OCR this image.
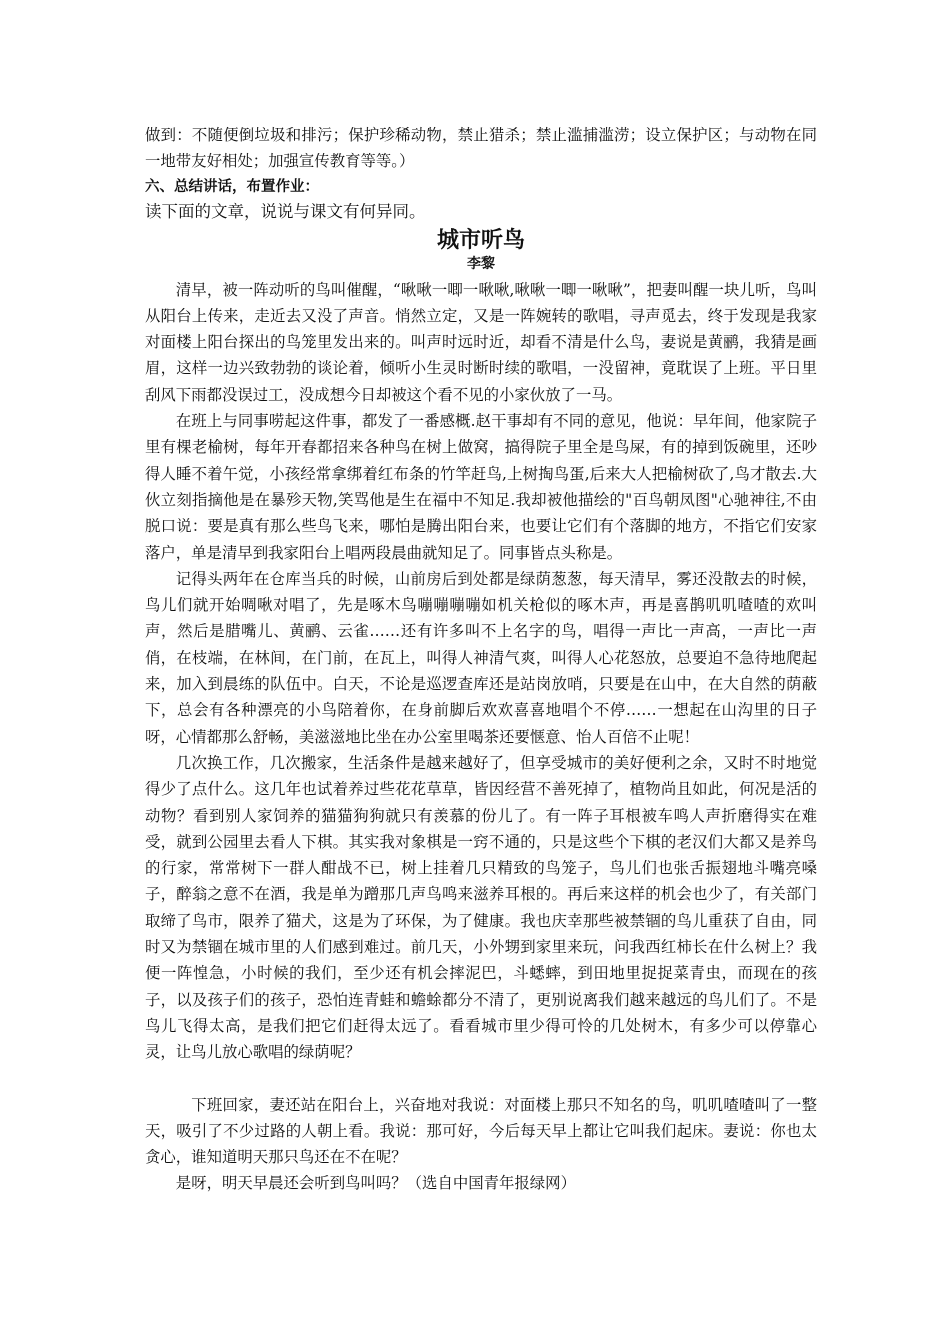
做到：不随便倒垃圾和排污；保护珍稀动物，禁止猎杀；禁止滥捕滥涝；设立保护区；与动物在同一地带友好相处；加强宣传教育等等。）

六、总结讲话，布置作业：

读下面的文章，说说与课文有何异同。

城市听鸟
李黎

清早，被一阵动听的鸟叫催醒，“啾啾一唧一啾啾,啾啾一唧一啾啾”，把妻叫醒一块儿听，鸟叫从阳台上传来，走近去又没了声音。悄然立定，又是一阵婉转的歌唱，寻声觅去，终于发现是我家对面楼上阳台探出的鸟笼里发出来的。叫声时远时近，却看不清是什么鸟，妻说是黄鹂，我猜是画眉，这样一边兴致勃勃的谈论着，倾听小生灵时断时续的歌唱，一没留神，竟耽误了上班。平日里刮风下雨都没误过工，没成想今日却被这个看不见的小家伙放了一马。

在班上与同事唠起这件事，都发了一番感概.赵干事却有不同的意见，他说：早年间，他家院子里有棵老榆树，每年开春都招来各种鸟在树上做窝，搞得院子里全是鸟屎，有的掉到饭碗里，还吵得人睡不着午觉，小孩经常拿绑着红布条的竹竿赶鸟,上树掏鸟蛋,后来大人把榆树砍了,鸟才散去.大伙立刻指摘他是在暴殄天物,笑骂他是生在福中不知足.我却被他描绘的"百鸟朝凤图"心驰神往,不由脱口说：要是真有那么些鸟飞来，哪怕是腾出阳台来，也要让它们有个落脚的地方，不指它们安家落户，单是清早到我家阳台上唱两段晨曲就知足了。同事皆点头称是。

记得头两年在仓库当兵的时候，山前房后到处都是绿荫葱葱，每天清早，雾还没散去的时候，鸟儿们就开始啁啾对唱了，先是啄木鸟嘣嘣嘣嘣如机关枪似的啄木声，再是喜鹊叽叽喳喳的欢叫声，然后是腊嘴儿、黄鹂、云雀……还有许多叫不上名字的鸟，唱得一声比一声高，一声比一声俏，在枝端，在林间，在门前，在瓦上，叫得人神清气爽，叫得人心花怒放，总要迫不急待地爬起来，加入到晨练的队伍中。白天，不论是巡逻查库还是站岗放哨，只要是在山中，在大自然的荫蔽下，总会有各种漂亮的小鸟陪着你，在身前脚后欢欢喜喜地唱个不停……一想起在山沟里的日子呀，心情都那么舒畅，美滋滋地比坐在办公室里喝茶还要惬意、怡人百倍不止呢！

几次换工作，几次搬家，生活条件是越来越好了，但享受城市的美好便利之余，又时不时地觉得少了点什么。这几年也试着养过些花花草草，皆因经营不善死掉了，植物尚且如此，何况是活的动物？看到别人家饲养的猫猫狗狗就只有羡慕的份儿了。有一阵子耳根被车鸣人声折磨得实在难受，就到公园里去看人下棋。其实我对象棋是一窍不通的，只是这些个下棋的老汉们大都又是养鸟的行家，常常树下一群人酣战不已，树上挂着几只精致的鸟笼子，鸟儿们也张舌振翅地斗嘴亮嗓子，醉翁之意不在酒，我是单为蹭那几声鸟鸣来滋养耳根的。再后来这样的机会也少了，有关部门取缔了鸟市，限养了猫犬，这是为了环保，为了健康。我也庆幸那些被禁锢的鸟儿重获了自由，同时又为禁锢在城市里的人们感到难过。前几天，小外甥到家里来玩，问我西红柿长在什么树上？我便一阵惶急，小时候的我们，至少还有机会摔泥巴，斗蟋蟀，到田地里捉捉菜青虫，而现在的孩子，以及孩子们的孩子，恐怕连青蛙和蟾蜍都分不清了，更别说离我们越来越远的鸟儿们了。不是鸟儿飞得太高，是我们把它们赶得太远了。看看城市里少得可怜的几处树木，有多少可以停靠心灵，让鸟儿放心歌唱的绿荫呢？

下班回家，妻还站在阳台上，兴奋地对我说：对面楼上那只不知名的鸟，叽叽喳喳叫了一整天，吸引了不少过路的人朝上看。我说：那可好，今后每天早上都让它叫我们起床。妻说：你也太贪心，谁知道明天那只鸟还在不在呢？

是呀，明天早晨还会听到鸟叫吗？（选自中国青年报绿网）
